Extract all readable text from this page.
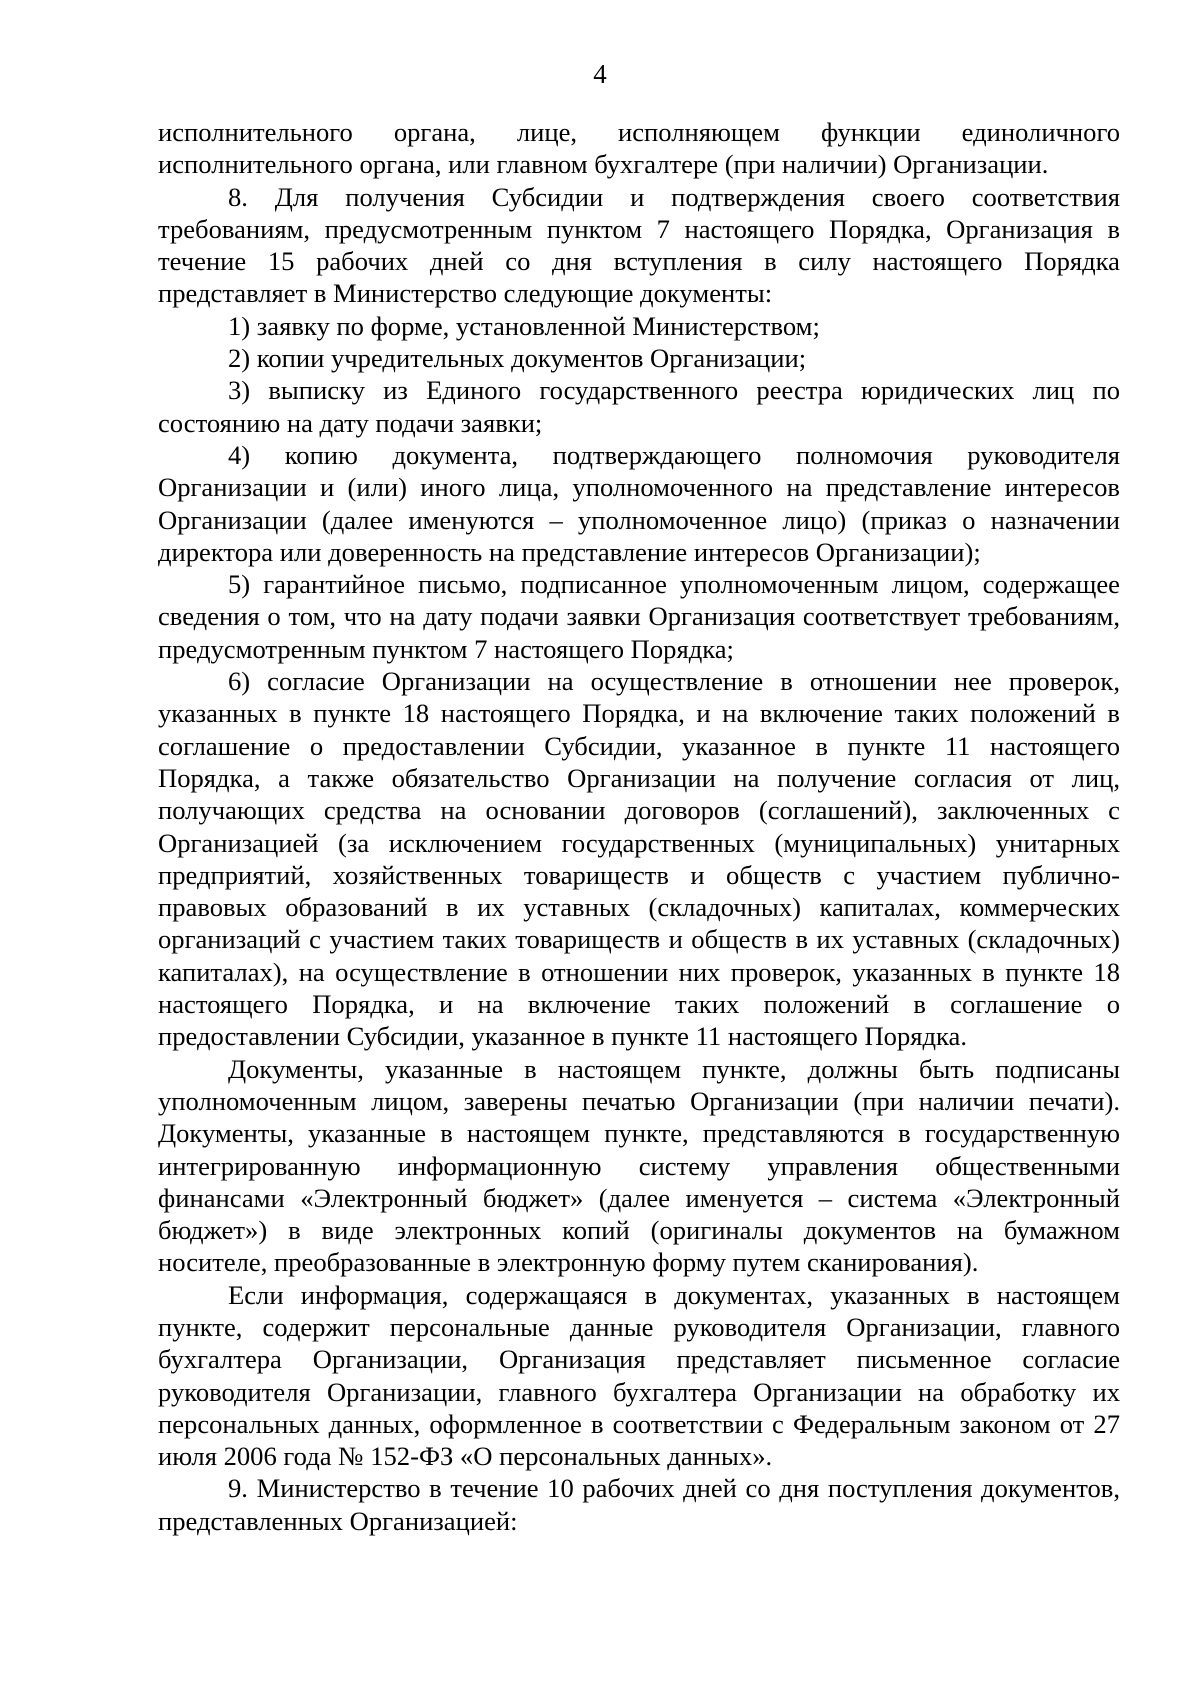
4

исполнительного органа, лице, исполняющем функции единоличного исполнительного органа, или главном бухгалтере (при наличии) Организации.

8. Для получения Субсидии и подтверждения своего соответствия требованиям, предусмотренным пунктом 7 настоящего Порядка, Организация в течение 15 рабочих дней со дня вступления в силу настоящего Порядка представляет в Министерство следующие документы:

1) заявку по форме, установленной Министерством;

2) копии учредительных документов Организации;

3) выписку из Единого государственного реестра юридических лиц по состоянию на дату подачи заявки;

4) копию документа, подтверждающего полномочия руководителя Организации и (или) иного лица, уполномоченного на представление интересов Организации (далее именуются – уполномоченное лицо) (приказ о назначении директора или доверенность на представление интересов Организации);

5) гарантийное письмо, подписанное уполномоченным лицом, содержащее сведения о том, что на дату подачи заявки Организация соответствует требованиям, предусмотренным пунктом 7 настоящего Порядка;

6) согласие Организации на осуществление в отношении нее проверок, указанных в пункте 18 настоящего Порядка, и на включение таких положений в соглашение о предоставлении Субсидии, указанное в пункте 11 настоящего Порядка, а также обязательство Организации на получение согласия от лиц, получающих средства на основании договоров (соглашений), заключенных с Организацией (за исключением государственных (муниципальных) унитарных предприятий, хозяйственных товариществ и обществ с участием публично-правовых образований в их уставных (складочных) капиталах, коммерческих организаций с участием таких товариществ и обществ в их уставных (складочных) капиталах), на осуществление в отношении них проверок, указанных в пункте 18 настоящего Порядка, и на включение таких положений в соглашение о предоставлении Субсидии, указанное в пункте 11 настоящего Порядка.

Документы, указанные в настоящем пункте, должны быть подписаны уполномоченным лицом, заверены печатью Организации (при наличии печати). Документы, указанные в настоящем пункте, представляются в государственную интегрированную информационную систему управления общественными финансами «Электронный бюджет» (далее именуется – система «Электронный бюджет») в виде электронных копий (оригиналы документов на бумажном носителе, преобразованные в электронную форму путем сканирования).

Если информация, содержащаяся в документах, указанных в настоящем пункте, содержит персональные данные руководителя Организации, главного бухгалтера Организации, Организация представляет письменное согласие руководителя Организации, главного бухгалтера Организации на обработку их персональных данных, оформленное в соответствии с Федеральным законом от 27 июля 2006 года № 152-ФЗ «О персональных данных».

9. Министерство в течение 10 рабочих дней со дня поступления документов, представленных Организацией:
